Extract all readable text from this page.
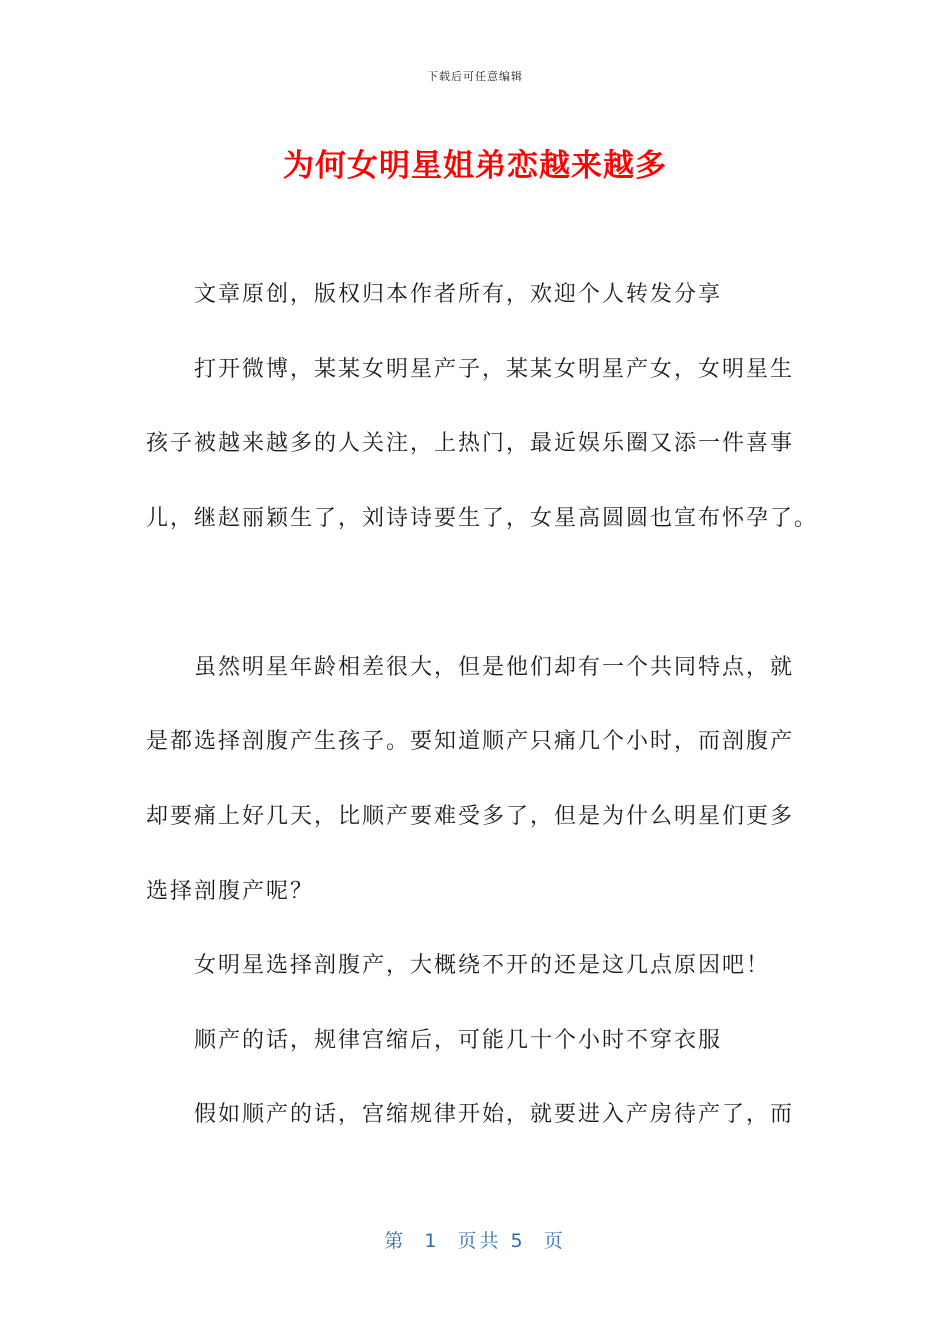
下载后可任意编辑
为何女明星姐弟恋越来越多
文章原创，版权归本作者所有，欢迎个人转发分享
打开微博，某某女明星产子，某某女明星产女，女明星生
孩子被越来越多的人关注，上热门，最近娱乐圈又添一件喜事
儿，继赵丽颖生了，刘诗诗要生了，女星高圆圆也宣布怀孕了。
虽然明星年龄相差很大，但是他们却有一个共同特点，就
是都选择剖腹产生孩子。要知道顺产只痛几个小时，而剖腹产
却要痛上好几天，比顺产要难受多了，但是为什么明星们更多
选择剖腹产呢？
女明星选择剖腹产，大概绕不开的还是这几点原因吧！
顺产的话，规律宫缩后，可能几十个小时不穿衣服
假如顺产的话，宫缩规律开始，就要进入产房待产了，而
第  1  页共 5  页
